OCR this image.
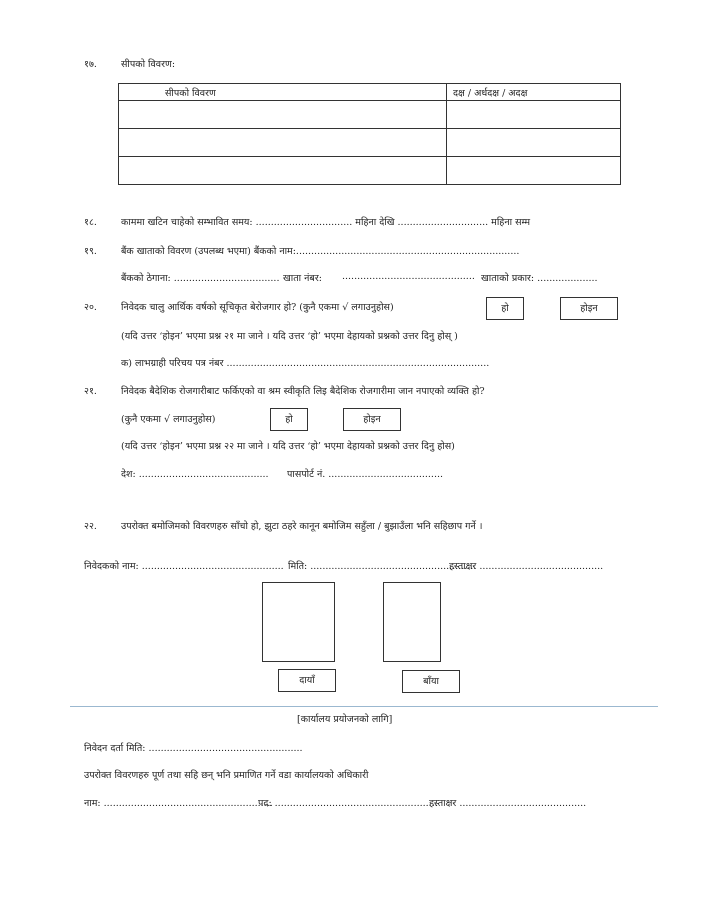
१७.	सीपको विवरण:
सीपको विवरण	दक्ष / अर्धदक्ष / अदक्ष

१८.	काममा खटिन चाहेको सम्भावित समय: ................................ महिना देखि .............................. महिना सम्म
१९.	बैंक खाताको विवरण (उपलब्ध भएमा) बैंकको नाम:..........................................................................
बैंकको ठेगाना: ................................... खाता नंबर: ............................................ खाताको प्रकार: ....................
२०.	निवेदक चालु आर्थिक वर्षको सूचिकृत बेरोजगार हो? (कुनै एकमा √ लगाउनुहोस)	हो	होइन
(यदि उत्तर ‘होइन’ भएमा प्रश्न २१ मा जाने । यदि उत्तर ‘हो’ भएमा देहायको प्रश्नको उत्तर दिनु होस् )
क) लाभग्राही परिचय पत्र नंबर .......................................................................................
२१.	निवेदक बैदेशिक रोजगारीबाट फर्किएको वा श्रम स्वीकृति लिइ बैदेशिक रोजगारीमा जान नपाएको व्यक्ति हो?
(कुनै एकमा √ लगाउनुहोस)	हो	होइन
(यदि उत्तर ‘होइन’ भएमा प्रश्न २२ मा जाने । यदि उत्तर ‘हो’ भएमा देहायको प्रश्नको उत्तर दिनु होस)
देश: ........................................... पासपोर्ट नं. ......................................
२२.	उपरोक्त बमोजिमको विवरणहरु साँचो हो, झुटा ठहरे कानून बमोजिम सहुँला / बुझाउँला भनि सहिछाप गर्ने ।
निवेदकको नाम: ............................................... मिति: .......................................................
हस्ताक्षर .........................................
दायाँ	बाँया
[कार्यालय प्रयोजनको लागि]
निवेदन दर्ता मिति: ...................................................
उपरोक्त विवरणहरु पूर्ण तथा सहि छन् भनि प्रमाणित गर्ने वडा कार्यालयको अधिकारी
नाम: ........................................................
पद: ......................................................
हस्ताक्षर ..........................................
